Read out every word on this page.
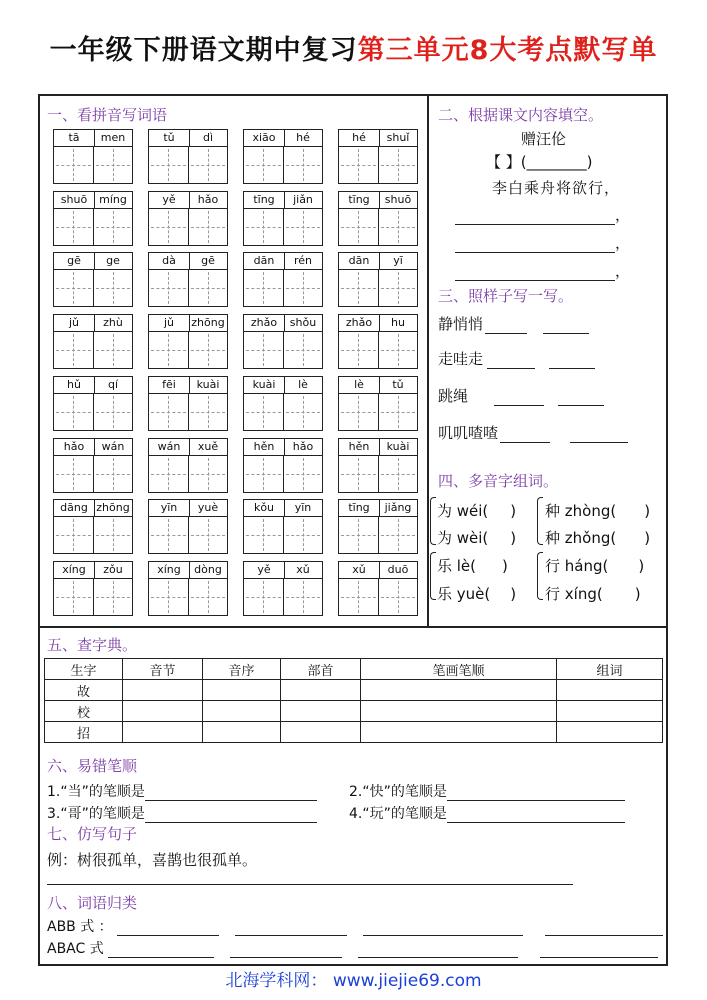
一年级下册语文期中复习第三单元8大考点默写单
一、看拼音写词语
tā	men	tǔ	dì	xiāo	hé	hé	shuǐ
shuō	míng	yě	hǎo	tīng	jiǎn	tīng	shuō
gē	ge	dà	gē	dān	rén	dān	yī
jǔ	zhù	jǔ	zhōng	zhǎo	shǒu	zhǎo	hu
hǔ	qí	fēi	kuài	kuài	lè	lè	tǔ
hǎo	wán	wán	xuě	hěn	hǎo	hěn	kuài
dāng zhōng	yīn	yuè	kǒu	yīn	tīng	jiǎng
xíng	zǒu	xíng	dòng	yě	xǔ	xǔ	duō
二、根据课文内容填空。
赠汪伦
【 】(________)
李白乘舟将欲行，
，
，
，
三、照样子写一写。
静悄悄
走哇走
跳绳
叽叽喳喳
四、多音字组词。
为 wéi( )
为 wèi( )
种 zhòng( )
种 zhǒng( )
乐 lè( )
乐 yuè( )
行 háng( )
行 xíng( )
五、查字典。
生字	音节	音序	部首	笔画笔顺	组词
故					
校					
招					
六、易错笔顺
1.“当”的笔顺是	2.“快”的笔顺是
3.“哥”的笔顺是	4.“玩”的笔顺是
七、仿写句子
例：树很孤单，喜鹊也很孤单。
八、词语归类
ABB 式 ：
ABAC 式
北海学科网： www.jiejie69.com
